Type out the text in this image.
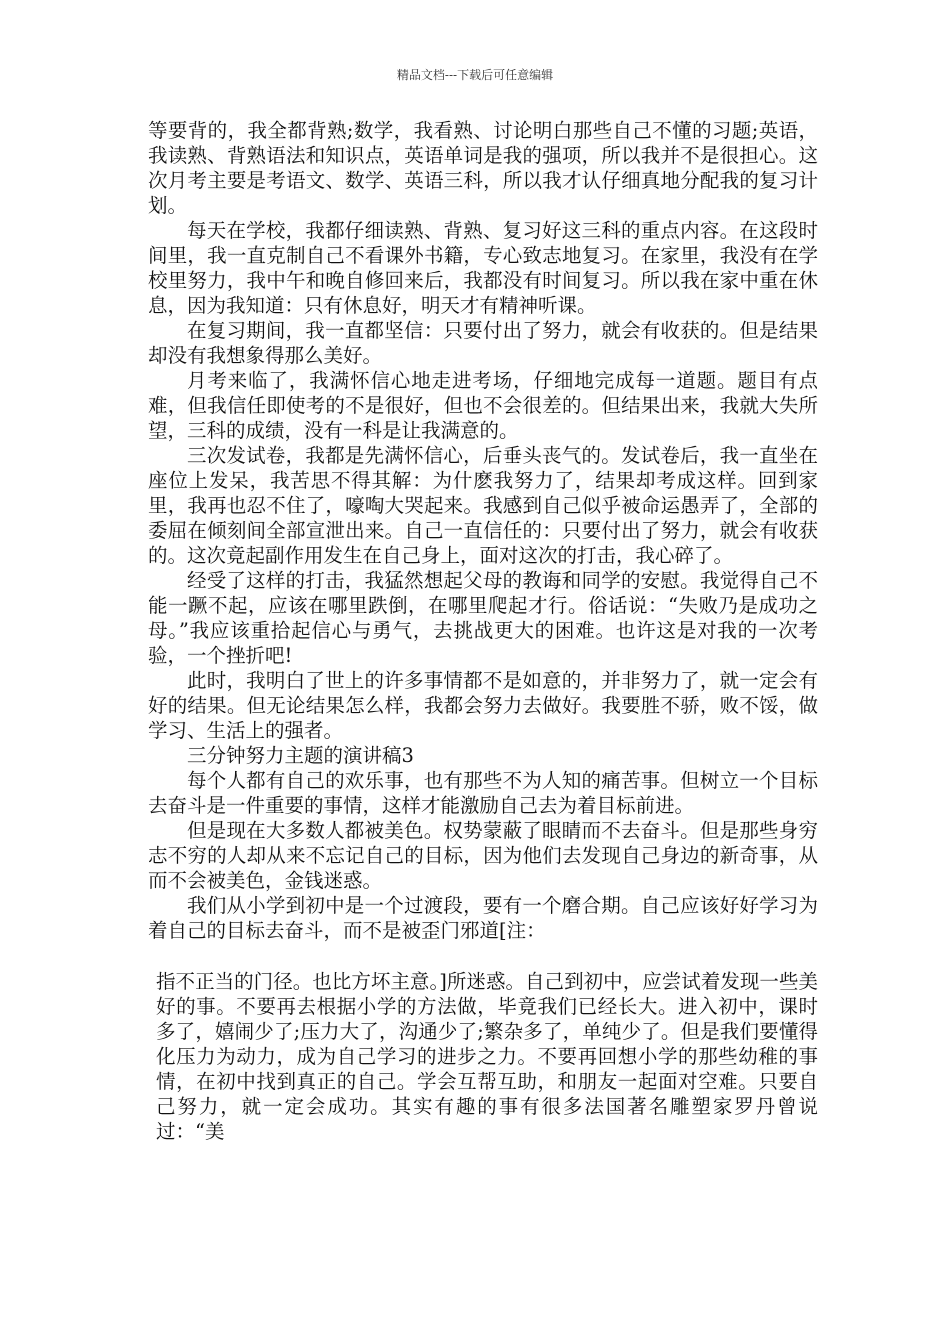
精品文档---下载后可任意编辑

等要背的，我全都背熟;数学，我看熟、讨论明白那些自己不懂的习题;英语，我读熟、背熟语法和知识点，英语单词是我的强项，所以我并不是很担心。这次月考主要是考语文、数学、英语三科，所以我才认仔细真地分配我的复习计划。

每天在学校，我都仔细读熟、背熟、复习好这三科的重点内容。在这段时间里，我一直克制自己不看课外书籍，专心致志地复习。在家里，我没有在学校里努力，我中午和晚自修回来后，我都没有时间复习。所以我在家中重在休息，因为我知道：只有休息好，明天才有精神听课。

在复习期间，我一直都坚信：只要付出了努力，就会有收获的。但是结果却没有我想象得那么美好。

月考来临了，我满怀信心地走进考场，仔细地完成每一道题。题目有点难，但我信任即使考的不是很好，但也不会很差的。但结果出来，我就大失所望，三科的成绩，没有一科是让我满意的。

三次发试卷，我都是先满怀信心，后垂头丧气的。发试卷后，我一直坐在座位上发呆，我苦思不得其解：为什麽我努力了，结果却考成这样。回到家里，我再也忍不住了，嚎啕大哭起来。我感到自己似乎被命运愚弄了，全部的委屈在倾刻间全部宣泄出来。自己一直信任的：只要付出了努力，就会有收获的。这次竟起副作用发生在自己身上，面对这次的打击，我心碎了。

经受了这样的打击，我猛然想起父母的教诲和同学的安慰。我觉得自己不能一蹶不起，应该在哪里跌倒，在哪里爬起才行。俗话说：“失败乃是成功之母。”我应该重拾起信心与勇气，去挑战更大的困难。也许这是对我的一次考验，一个挫折吧!

此时，我明白了世上的许多事情都不是如意的，并非努力了，就一定会有好的结果。但无论结果怎么样，我都会努力去做好。我要胜不骄，败不馁，做学习、生活上的强者。

三分钟努力主题的演讲稿3

每个人都有自己的欢乐事，也有那些不为人知的痛苦事。但树立一个目标去奋斗是一件重要的事情，这样才能激励自己去为着目标前进。

但是现在大多数人都被美色。权势蒙蔽了眼睛而不去奋斗。但是那些身穷志不穷的人却从来不忘记自己的目标，因为他们去发现自己身边的新奇事，从而不会被美色，金钱迷惑。

我们从小学到初中是一个过渡段，要有一个磨合期。自己应该好好学习为着自己的目标去奋斗，而不是被歪门邪道[注：

指不正当的门径。也比方坏主意。]所迷惑。自己到初中，应尝试着发现一些美好的事。不要再去根据小学的方法做，毕竟我们已经长大。进入初中，课时多了，嬉闹少了;压力大了，沟通少了;繁杂多了，单纯少了。但是我们要懂得化压力为动力，成为自己学习的进步之力。不要再回想小学的那些幼稚的事情，在初中找到真正的自己。学会互帮互助，和朋友一起面对空难。只要自己努力，就一定会成功。其实有趣的事有很多法国著名雕塑家罗丹曾说过：“美
